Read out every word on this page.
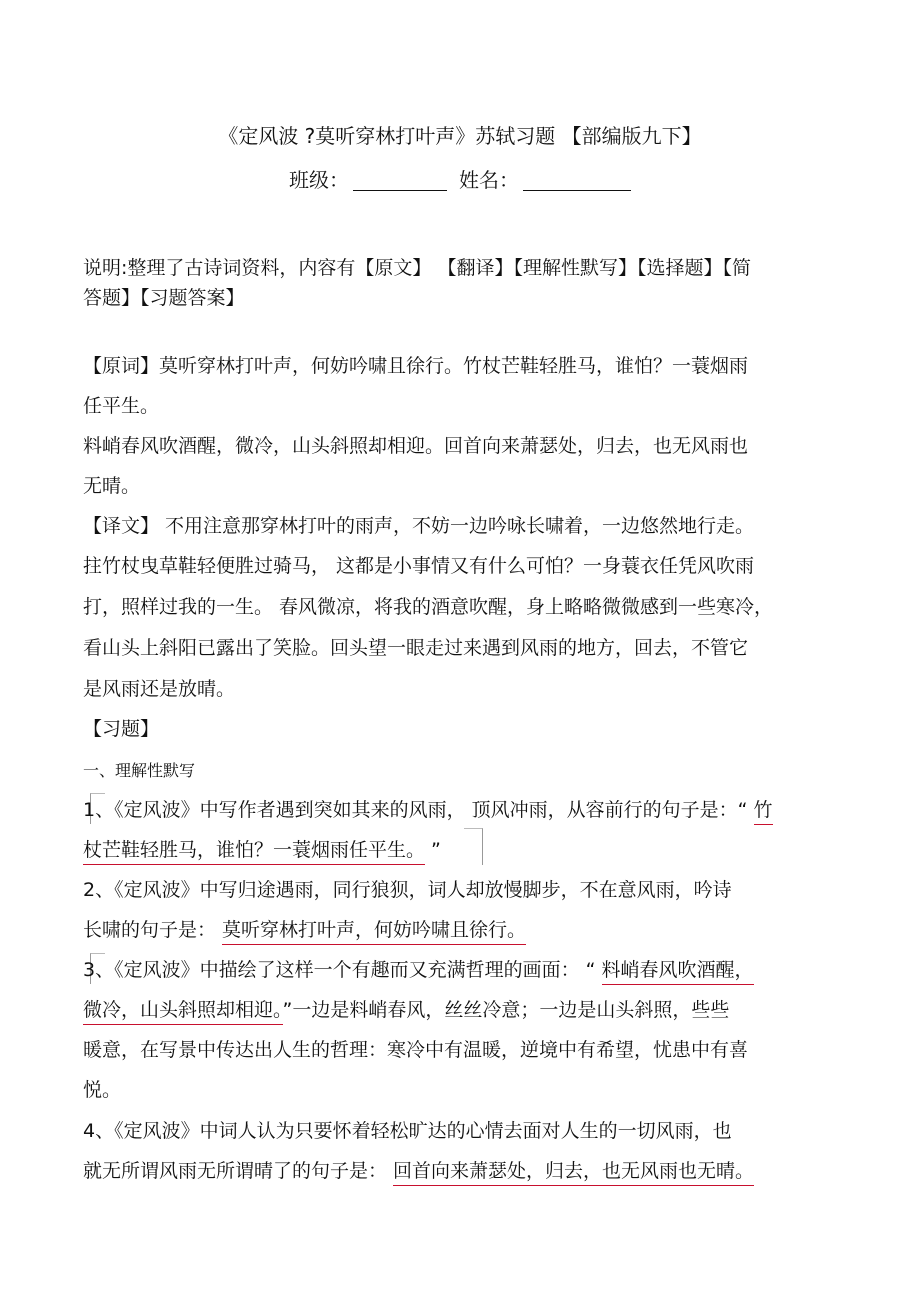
《定风波 ?莫听穿林打叶声》苏轼习题 【部编版九下】
班级：	姓名：
说明:整理了古诗词资料，内容有【原文】 【翻译】【理解性默写】【选择题】【简
答题】【习题答案】
【原词】莫听穿林打叶声，何妨吟啸且徐行。竹杖芒鞋轻胜马，谁怕？一蓑烟雨
任平生。
料峭春风吹酒醒，微冷，山头斜照却相迎。回首向来萧瑟处，归去，也无风雨也
无晴。
【译文】 不用注意那穿林打叶的雨声，不妨一边吟咏长啸着，一边悠然地行走。
拄竹杖曳草鞋轻便胜过骑马， 这都是小事情又有什么可怕？一身蓑衣任凭风吹雨
打，照样过我的一生。 春风微凉，将我的酒意吹醒，身上略略微微感到一些寒冷，
看山头上斜阳已露出了笑脸。回头望一眼走过来遇到风雨的地方，回去，不管它
是风雨还是放晴。
【习题】
一、理解性默写
1、《定风波》中写作者遇到突如其来的风雨， 顶风冲雨，从容前行的句子是：“ 竹
杖芒鞋轻胜马，谁怕？一蓑烟雨任平生。 ”
2、《定风波》中写归途遇雨，同行狼狈，词人却放慢脚步，不在意风雨，吟诗
长啸的句子是： 莫听穿林打叶声，何妨吟啸且徐行。
3、《定风波》中描绘了这样一个有趣而又充满哲理的画面： “ 料峭春风吹酒醒，
微冷，山头斜照却相迎。”一边是料峭春风，丝丝冷意；一边是山头斜照，些些
暖意，在写景中传达出人生的哲理：寒冷中有温暖，逆境中有希望，忧患中有喜
悦。
4、《定风波》中词人认为只要怀着轻松旷达的心情去面对人生的一切风雨，也
就无所谓风雨无所谓晴了的句子是： 回首向来萧瑟处，归去，也无风雨也无晴。
